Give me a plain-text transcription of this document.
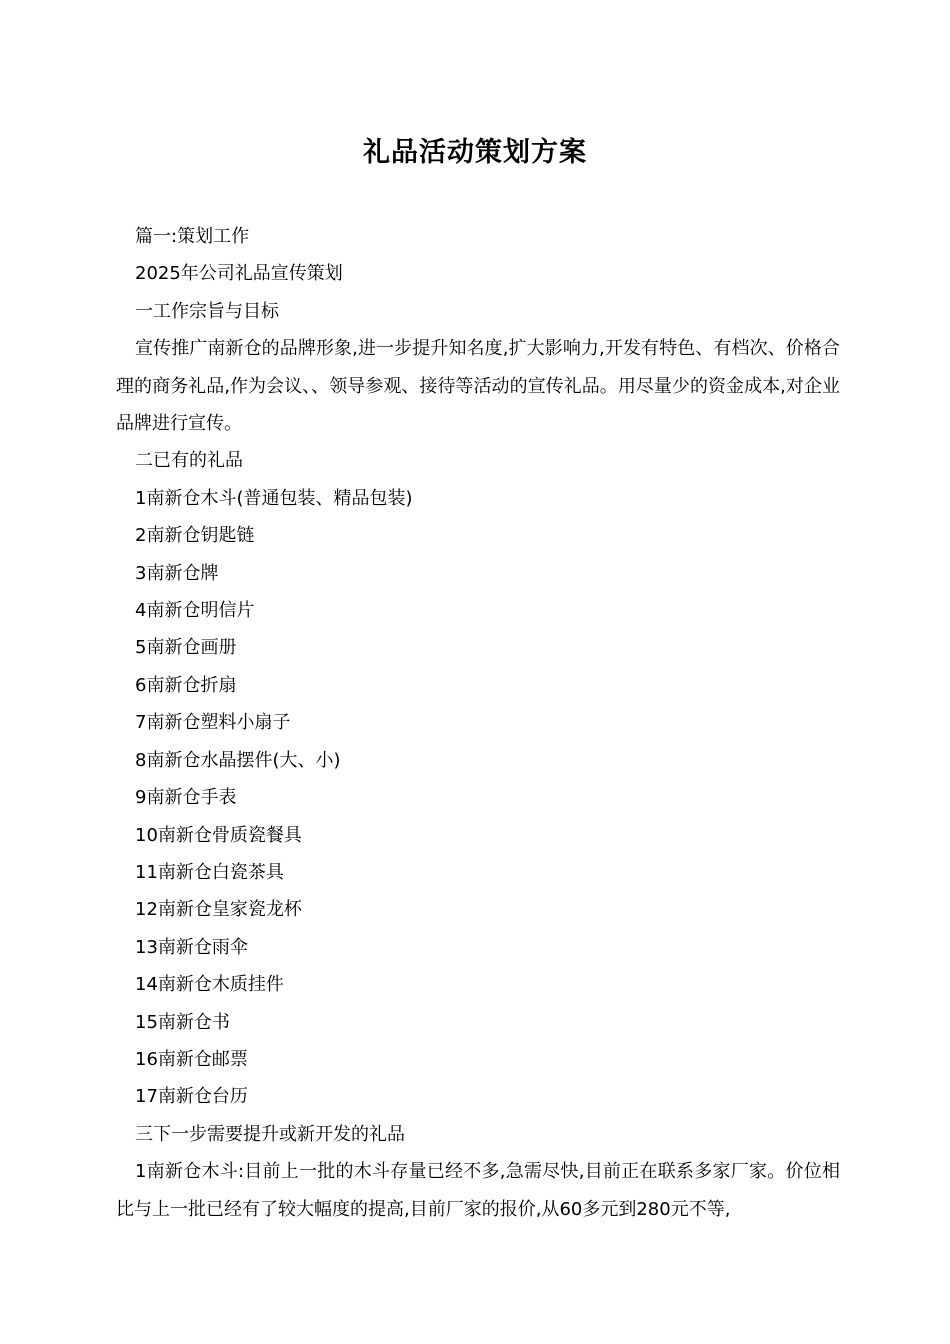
礼品活动策划方案

篇一:策划工作

2025年公司礼品宣传策划

一工作宗旨与目标

宣传推广南新仓的品牌形象,进一步提升知名度,扩大影响力,开发有特色、有档次、价格合理的商务礼品,作为会议、、领导参观、接待等活动的宣传礼品。用尽量少的资金成本,对企业品牌进行宣传。

二已有的礼品

1南新仓木斗(普通包装、精品包装)

2南新仓钥匙链

3南新仓牌

4南新仓明信片

5南新仓画册

6南新仓折扇

7南新仓塑料小扇子

8南新仓水晶摆件(大、小)

9南新仓手表

10南新仓骨质瓷餐具

11南新仓白瓷茶具

12南新仓皇家瓷龙杯

13南新仓雨伞

14南新仓木质挂件

15南新仓书

16南新仓邮票

17南新仓台历

三下一步需要提升或新开发的礼品

1南新仓木斗:目前上一批的木斗存量已经不多,急需尽快,目前正在联系多家厂家。价位相比与上一批已经有了较大幅度的提高,目前厂家的报价,从60多元到280元不等,
